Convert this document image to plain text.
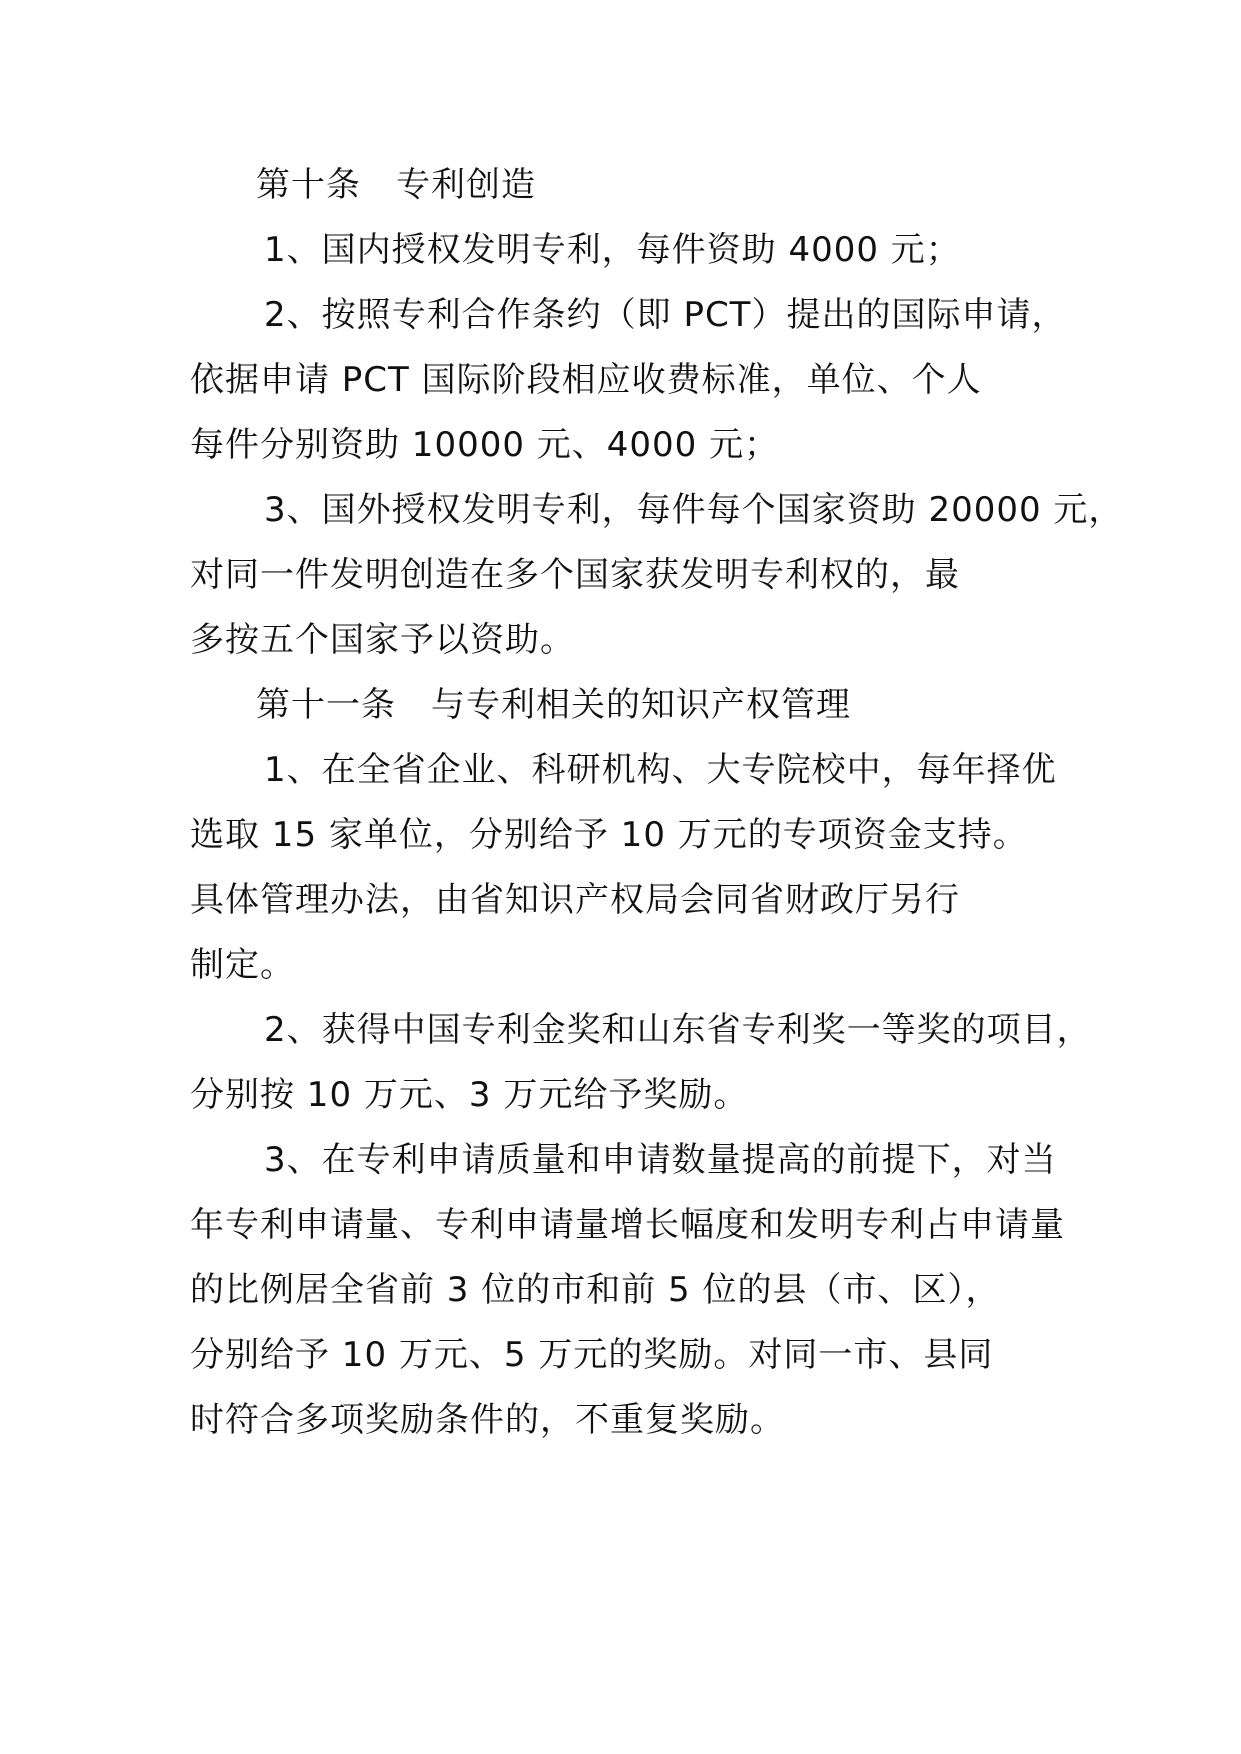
第十条　专利创造

1、国内授权发明专利，每件资助 4000 元；

2、按照专利合作条约（即 PCT）提出的国际申请，

依据申请 PCT 国际阶段相应收费标准，单位、个人

每件分别资助 10000 元、4000 元；

3、国外授权发明专利，每件每个国家资助 20000 元，

对同一件发明创造在多个国家获发明专利权的，最

多按五个国家予以资助。

第十一条　与专利相关的知识产权管理

1、在全省企业、科研机构、大专院校中，每年择优

选取 15 家单位，分别给予 10 万元的专项资金支持。

具体管理办法，由省知识产权局会同省财政厅另行

制定。

2、获得中国专利金奖和山东省专利奖一等奖的项目，

分别按 10 万元、3 万元给予奖励。

3、在专利申请质量和申请数量提高的前提下，对当

年专利申请量、专利申请量增长幅度和发明专利占申请量

的比例居全省前 3 位的市和前 5 位的县（市、区），

分别给予 10 万元、5 万元的奖励。对同一市、县同

时符合多项奖励条件的，不重复奖励。
